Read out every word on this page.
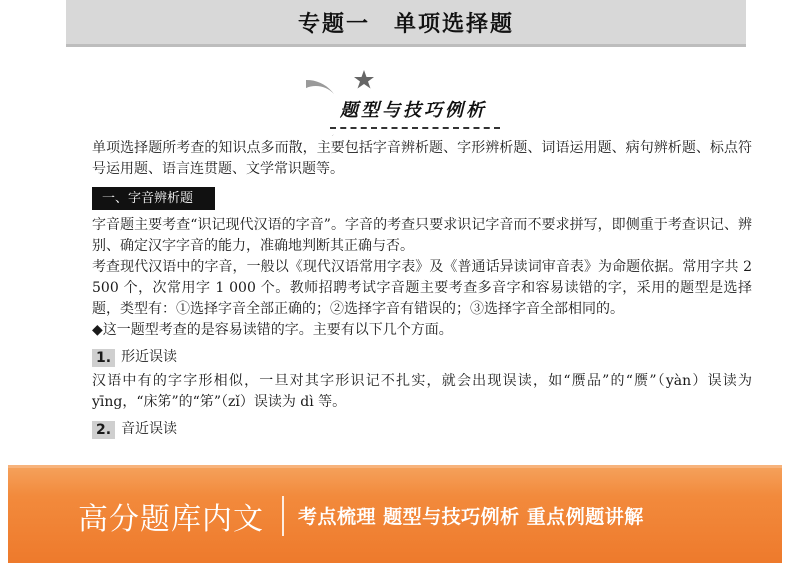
专题一　单项选择题
题型与技巧例析

单项选择题所考查的知识点多而散，主要包括字音辨析题、字形辨析题、词语运用题、病句辨析题、标点符号运用题、语言连贯题、文学常识题等。

一、字音辨析题

字音题主要考查“识记现代汉语的字音”。字音的考查只要求识记字音而不要求拼写，即侧重于考查识记、辨别、确定汉字字音的能力，准确地判断其正确与否。

考查现代汉语中的字音，一般以《现代汉语常用字表》及《普通话异读词审音表》为命题依据。常用字共 2 500 个，次常用字 1 000 个。教师招聘考试字音题主要考查多音字和容易读错的字，采用的题型是选择题，类型有：①选择字音全部正确的；②选择字音有错误的；③选择字音全部相同的。

◆这一题型考查的是容易读错的字。主要有以下几个方面。

1. 形近误读

汉语中有的字字形相似，一旦对其字形识记不扎实，就会出现误读，如“赝品”的“赝”（yàn）误读为 yīng，“床笫”的“笫”（zǐ）误读为 dì 等。

2. 音近误读
高分题库内文 考点梳理 题型与技巧例析 重点例题讲解
